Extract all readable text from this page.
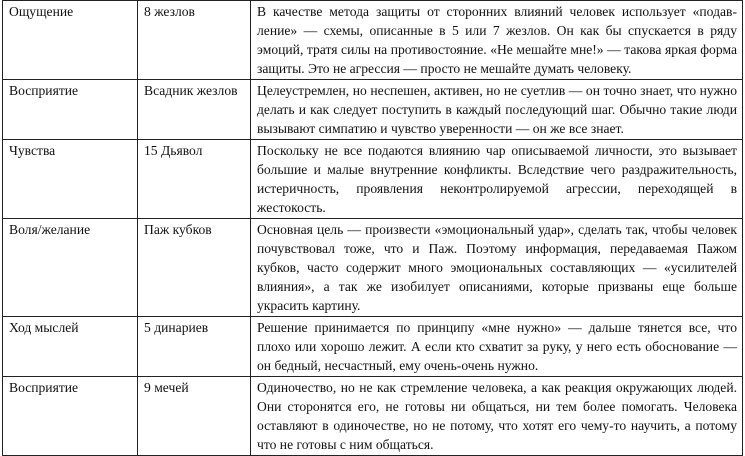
Ощущение	8 жезлов	В качестве метода защиты от сторонних влияний человек использует «подавление» — схемы, описанные в 5 или 7 жезлов. Он как бы спускается в ряду эмоций, тратя силы на противостояние. «Не мешайте мне!» — такова яркая форма защиты. Это не агрессия — просто не мешайте думать человеку.
Восприятие	Всадник жезлов	Целеустремлен, но неспешен, активен, но не суетлив — он точно знает, что нужно делать и как следует поступить в каждый последующий шаг. Обычно такие люди вызывают симпатию и чувство уверенности — он же все знает.
Чувства	15 Дьявол	Поскольку не все подаются влиянию чар описываемой личности, это вызывает большие и малые внутренние конфликты. Вследствие чего раздражительность, истеричность, проявления неконтролируемой агрессии, переходящей в жестокость.
Воля/желание	Паж кубков	Основная цель — произвести «эмоциональный удар», сделать так, чтобы человек почувствовал тоже, что и Паж. Поэтому информация, передаваемая Пажом кубков, часто содержит много эмоциональных составляющих — «усилителей влияния», а так же изобилует описаниями, которые призваны еще больше украсить картину.
Ход мыслей	5 динариев	Решение принимается по принципу «мне нужно» — дальше тянется все, что плохо или хорошо лежит. А если кто схватит за руку, у него есть обоснование — он бедный, несчастный, ему очень-очень нужно.
Восприятие	9 мечей	Одиночество, но не как стремление человека, а как реакция окружающих людей. Они сторонятся его, не готовы ни общаться, ни тем более помогать. Человека оставляют в одиночестве, но не потому, что хотят его чему-то научить, а потому что не готовы с ним общаться.
